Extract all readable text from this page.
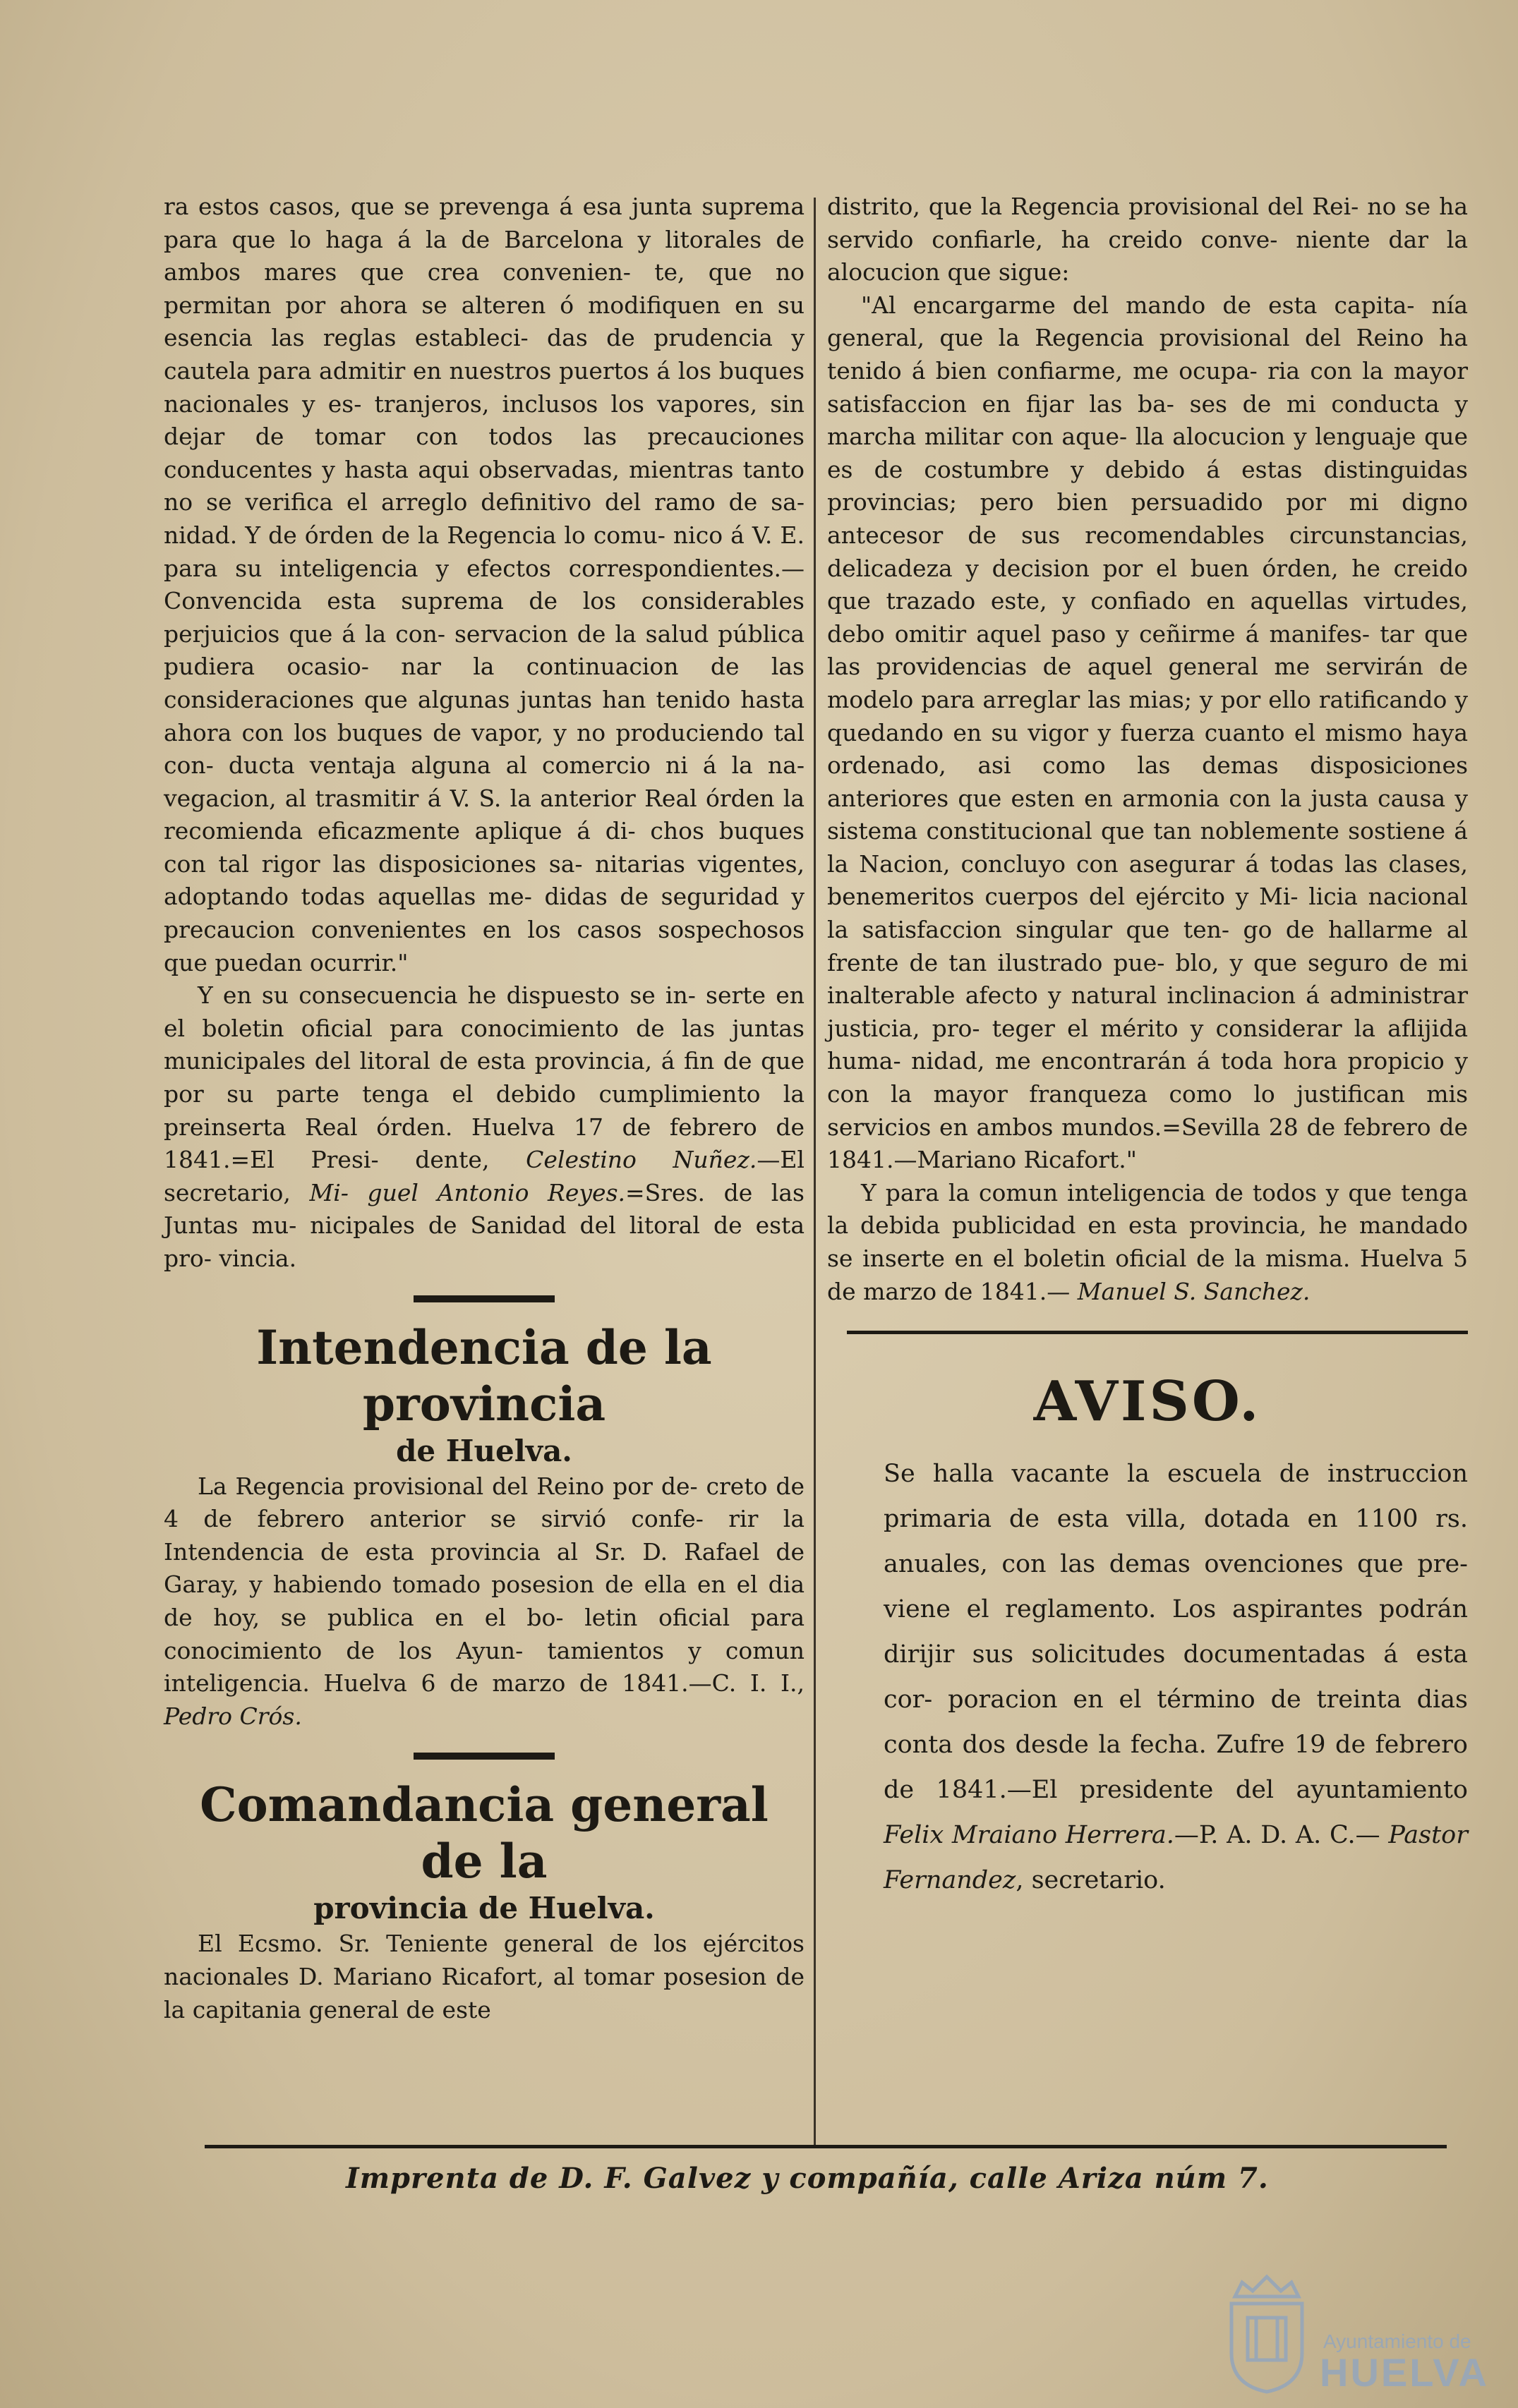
ra estos casos, que se prevenga á esa junta suprema para que lo haga á la de Barcelona y litorales de ambos mares que crea convenien- te, que no permitan por ahora se alteren ó modifiquen en su esencia las reglas estableci- das de prudencia y cautela para admitir en nuestros puertos á los buques nacionales y es- tranjeros, inclusos los vapores, sin dejar de tomar con todos las precauciones conducentes y hasta aqui observadas, mientras tanto no se verifica el arreglo definitivo del ramo de sa- nidad. Y de órden de la Regencia lo comu- nico á V. E. para su inteligencia y efectos correspondientes.—Convencida esta suprema de los considerables perjuicios que á la con- servacion de la salud pública pudiera ocasio- nar la continuacion de las consideraciones que algunas juntas han tenido hasta ahora con los buques de vapor, y no produciendo tal con- ducta ventaja alguna al comercio ni á la na- vegacion, al trasmitir á V. S. la anterior Real órden la recomienda eficazmente aplique á di- chos buques con tal rigor las disposiciones sa- nitarias vigentes, adoptando todas aquellas me- didas de seguridad y precaucion convenientes en los casos sospechosos que puedan ocurrir."

Y en su consecuencia he dispuesto se in- serte en el boletin oficial para conocimiento de las juntas municipales del litoral de esta provincia, á fin de que por su parte tenga el debido cumplimiento la preinserta Real órden. Huelva 17 de febrero de 1841.=El Presi- dente, Celestino Nuñez.—El secretario, Mi- guel Antonio Reyes.=Sres. de las Juntas mu- nicipales de Sanidad del litoral de esta pro- vincia.

Intendencia de la provincia

de Huelva.

La Regencia provisional del Reino por de- creto de 4 de febrero anterior se sirvió confe- rir la Intendencia de esta provincia al Sr. D. Rafael de Garay, y habiendo tomado posesion de ella en el dia de hoy, se publica en el bo- letin oficial para conocimiento de los Ayun- tamientos y comun inteligencia. Huelva 6 de marzo de 1841.—C. I. I., Pedro Crós.

Comandancia general de la

provincia de Huelva.

El Ecsmo. Sr. Teniente general de los ejércitos nacionales D. Mariano Ricafort, al tomar posesion de la capitania general de este

distrito, que la Regencia provisional del Rei- no se ha servido confiarle, ha creido conve- niente dar la alocucion que sigue:

"Al encargarme del mando de esta capita- nía general, que la Regencia provisional del Reino ha tenido á bien confiarme, me ocupa- ria con la mayor satisfaccion en fijar las ba- ses de mi conducta y marcha militar con aque- lla alocucion y lenguaje que es de costumbre y debido á estas distinguidas provincias; pero bien persuadido por mi digno antecesor de sus recomendables circunstancias, delicadeza y decision por el buen órden, he creido que trazado este, y confiado en aquellas virtudes, debo omitir aquel paso y ceñirme á manifes- tar que las providencias de aquel general me servirán de modelo para arreglar las mias; y por ello ratificando y quedando en su vigor y fuerza cuanto el mismo haya ordenado, asi como las demas disposiciones anteriores que esten en armonia con la justa causa y sistema constitucional que tan noblemente sostiene á la Nacion, concluyo con asegurar á todas las clases, benemeritos cuerpos del ejército y Mi- licia nacional la satisfaccion singular que ten- go de hallarme al frente de tan ilustrado pue- blo, y que seguro de mi inalterable afecto y natural inclinacion á administrar justicia, pro- teger el mérito y considerar la aflijida huma- nidad, me encontrarán á toda hora propicio y con la mayor franqueza como lo justifican mis servicios en ambos mundos.=Sevilla 28 de febrero de 1841.—Mariano Ricafort."

Y para la comun inteligencia de todos y que tenga la debida publicidad en esta provincia, he mandado se inserte en el boletin oficial de la misma. Huelva 5 de marzo de 1841.— Manuel S. Sanchez.

AVISO.

Se halla vacante la escuela de instruccion primaria de esta villa, dotada en 1100 rs. anuales, con las demas ovenciones que pre- viene el reglamento. Los aspirantes podrán dirijir sus solicitudes documentadas á esta cor- poracion en el término de treinta dias conta dos desde la fecha. Zufre 19 de febrero de 1841.—El presidente del ayuntamiento Felix Mraiano Herrera.—P. A. D. A. C.— Pastor Fernandez, secretario.

Imprenta de D. F. Galvez y compañía, calle Ariza núm 7.
Ayuntamiento de
HUELVA
